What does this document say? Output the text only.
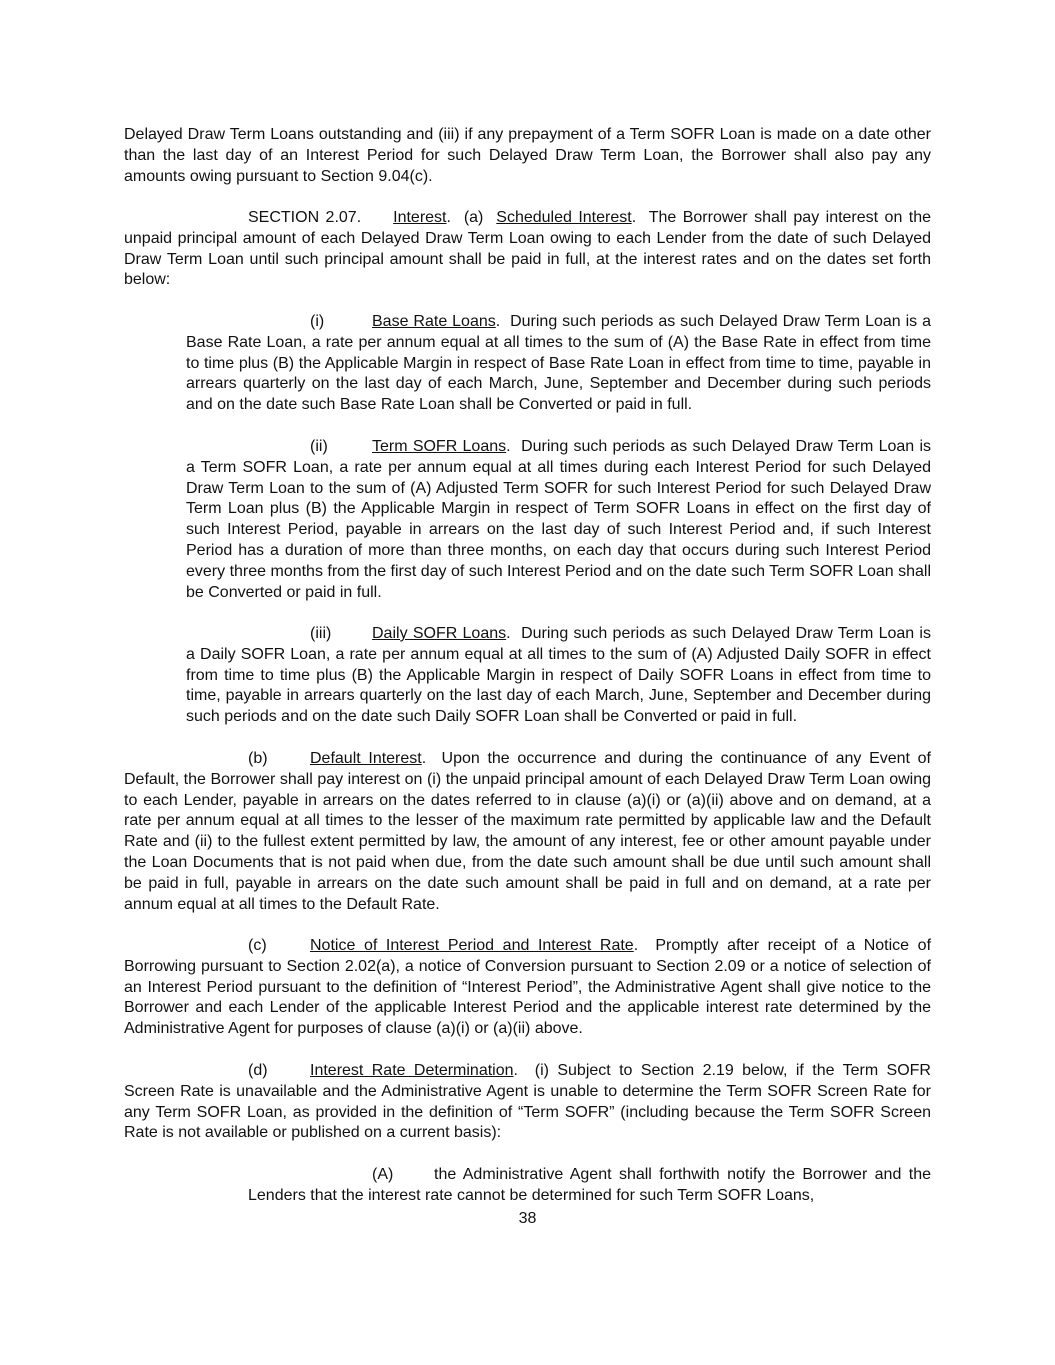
Delayed Draw Term Loans outstanding and (iii) if any prepayment of a Term SOFR Loan is made on a date other than the last day of an Interest Period for such Delayed Draw Term Loan, the Borrower shall also pay any amounts owing pursuant to Section 9.04(c).

SECTION 2.07. Interest.  (a) Scheduled Interest.  The Borrower shall pay interest on the unpaid principal amount of each Delayed Draw Term Loan owing to each Lender from the date of such Delayed Draw Term Loan until such principal amount shall be paid in full, at the interest rates and on the dates set forth below:

(i)	Base Rate Loans.  During such periods as such Delayed Draw Term Loan is a Base Rate Loan, a rate per annum equal at all times to the sum of (A) the Base Rate in effect from time to time plus (B) the Applicable Margin in respect of Base Rate Loan in effect from time to time, payable in arrears quarterly on the last day of each March, June, September and December during such periods and on the date such Base Rate Loan shall be Converted or paid in full.

(ii)	Term SOFR Loans.  During such periods as such Delayed Draw Term Loan is a Term SOFR Loan, a rate per annum equal at all times during each Interest Period for such Delayed Draw Term Loan to the sum of (A) Adjusted Term SOFR for such Interest Period for such Delayed Draw Term Loan plus (B) the Applicable Margin in respect of Term SOFR Loans in effect on the first day of such Interest Period, payable in arrears on the last day of such Interest Period and, if such Interest Period has a duration of more than three months, on each day that occurs during such Interest Period every three months from the first day of such Interest Period and on the date such Term SOFR Loan shall be Converted or paid in full.

(iii)	Daily SOFR Loans.  During such periods as such Delayed Draw Term Loan is a Daily SOFR Loan, a rate per annum equal at all times to the sum of (A) Adjusted Daily SOFR in effect from time to time plus (B) the Applicable Margin in respect of Daily SOFR Loans in effect from time to time, payable in arrears quarterly on the last day of each March, June, September and December during such periods and on the date such Daily SOFR Loan shall be Converted or paid in full.

(b)	Default Interest.  Upon the occurrence and during the continuance of any Event of Default, the Borrower shall pay interest on (i) the unpaid principal amount of each Delayed Draw Term Loan owing to each Lender, payable in arrears on the dates referred to in clause (a)(i) or (a)(ii) above and on demand, at a rate per annum equal at all times to the lesser of the maximum rate permitted by applicable law and the Default Rate and (ii) to the fullest extent permitted by law, the amount of any interest, fee or other amount payable under the Loan Documents that is not paid when due, from the date such amount shall be due until such amount shall be paid in full, payable in arrears on the date such amount shall be paid in full and on demand, at a rate per annum equal at all times to the Default Rate.

(c)	Notice of Interest Period and Interest Rate.  Promptly after receipt of a Notice of Borrowing pursuant to Section 2.02(a), a notice of Conversion pursuant to Section 2.09 or a notice of selection of an Interest Period pursuant to the definition of “Interest Period”, the Administrative Agent shall give notice to the Borrower and each Lender of the applicable Interest Period and the applicable interest rate determined by the Administrative Agent for purposes of clause (a)(i) or (a)(ii) above.

(d)	Interest Rate Determination.  (i) Subject to Section 2.19 below, if the Term SOFR Screen Rate is unavailable and the Administrative Agent is unable to determine the Term SOFR Screen Rate for any Term SOFR Loan, as provided in the definition of “Term SOFR” (including because the Term SOFR Screen Rate is not available or published on a current basis):

(A)	the Administrative Agent shall forthwith notify the Borrower and the Lenders that the interest rate cannot be determined for such Term SOFR Loans,

38
